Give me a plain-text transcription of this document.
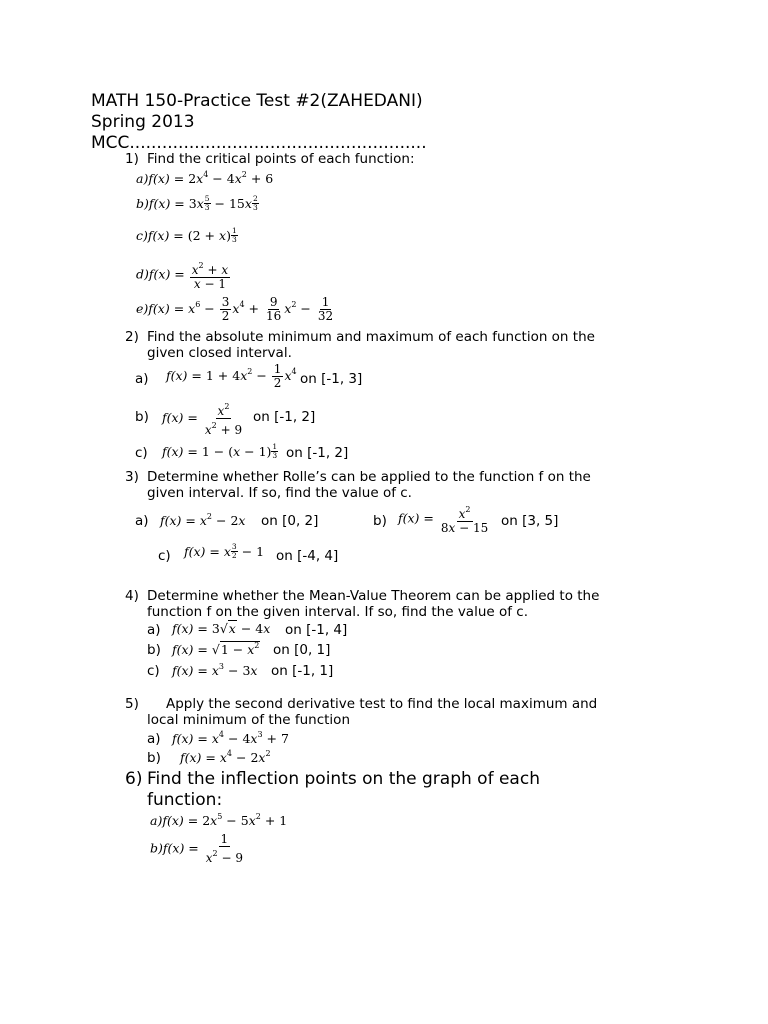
MATH 150-Practice Test #2(ZAHEDANI)
Spring 2013
MCC.......................................................
1) Find the critical points of each function:
$a)f(x) = 2x^4 - 4x^2 + 6$
$b)f(x) = 3x \frac{5}{3} - 15x \frac{2}{3}$
$c)f(x) = (2 + x) \frac{1}{3}$
$d)f(x) = \frac{x^2 + x}{x - 1}$
$e)f(x) = x^6 - \frac{3}{2} x^4 + \frac{9}{16} x^2 - \frac{1}{32}$
2) Find the absolute minimum and maximum of each function on the
given closed interval.
a) $f(x) = 1 + 4x^2 - \frac{1}{2} x^4$ on [-1, 3]
b) $f(x) = \frac{x^2}{x^2 + 9}$ on [-1, 2]
c) $f(x) = 1 - (x - 1) \frac{1}{3}$ on [-1, 2]
3) Determine whether Rolle’s can be applied to the function f on the
given interval. If so, find the value of c.
a) $f(x) = x^2 - 2x$ on [0, 2]	b) $f(x) = \frac{x^2}{8x - 15}$ on [3, 5]
c) f(x) = x $\frac{3}{2} - 1$ on [-4, 4]
4) Determine whether the Mean-Value Theorem can be applied to the
function f on the given interval. If so, find the value of c.
a) f(x) = 3√x − 4x on [-1, 4]
b) $f(x) = √1 - x^2$ on [0, 1]
c) $f(x) = x^3 - 3x$ on [-1, 1]
5) Apply the second derivative test to find the local maximum and
local minimum of the function
a) $f(x) = x^4 - 4x^3 + 7$
b) $f(x) = x^4 - 2x^2$
6) Find the inflection points on the graph of each
function:
$a)f(x) = 2x^5 - 5x^2 + 1$
$b)f(x) = \frac{1}{x^2 - 9}$
